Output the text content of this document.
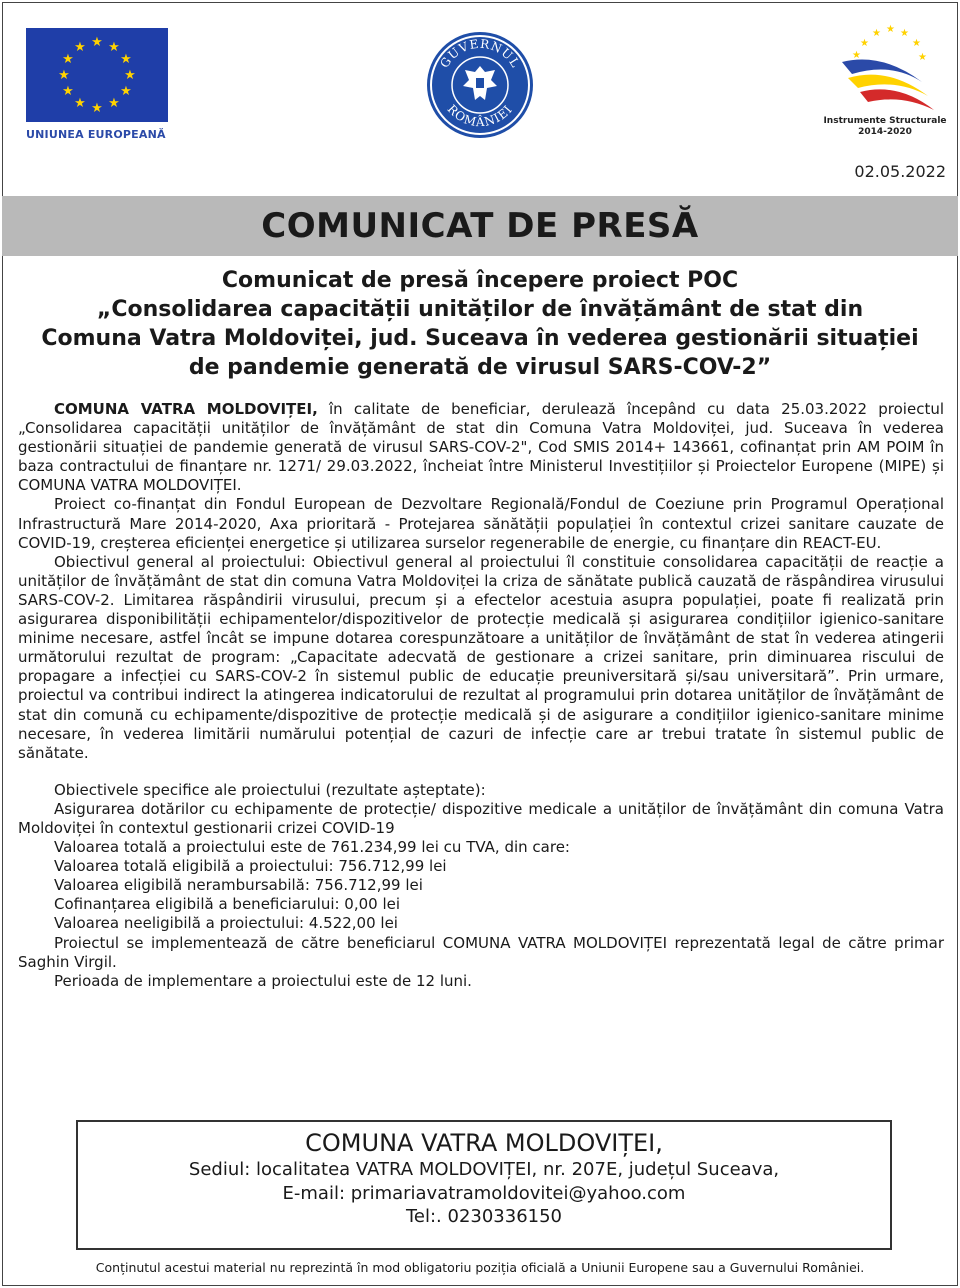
★ ★
★
★
★
★
★
★
★
★
★
★
UNIUNEA EUROPEANĂ
GUVERNUL
ROMÂNIEI
★ ★ ★
★	★
★	★
Instrumente Structurale
2014-2020
02.05.2022
COMUNICAT DE PRESĂ
Comunicat de presă începere proiect POC
„Consolidarea capacității unităților de învățământ de stat din
Comuna Vatra Moldoviței, jud. Suceava în vederea gestionării situației
de pandemie generată de virusul SARS-COV-2”

COMUNA VATRA MOLDOVIȚEI, în calitate de beneficiar, derulează începând cu data 25.03.2022 proiectul „Consolidarea capacității unităților de învățământ de stat din Comuna Vatra Moldoviței, jud. Suceava în vederea gestionării situației de pandemie generată de virusul SARS-COV-2", Cod SMIS 2014+ 143661, cofinanțat prin AM POIM în baza contractului de finanțare nr. 1271/ 29.03.2022, încheiat între Ministerul Investițiilor și Proiectelor Europene (MIPE) și COMUNA VATRA MOLDOVIȚEI.

Proiect co-finanțat din Fondul European de Dezvoltare Regională/Fondul de Coeziune prin Programul Operațional Infrastructură Mare 2014-2020, Axa prioritară - Protejarea sănătății populației în contextul crizei sanitare cauzate de COVID-19, creșterea eficienței energetice și utilizarea surselor regenerabile de energie, cu finanțare din REACT-EU.

Obiectivul general al proiectului: Obiectivul general al proiectului îl constituie consolidarea capacității de reacție a unităților de învățământ de stat din comuna Vatra Moldoviței la criza de sănătate publică cauzată de răspândirea virusului SARS-COV-2. Limitarea răspândirii virusului, precum și a efectelor acestuia asupra populației, poate fi realizată prin asigurarea disponibilității echipamentelor/dispozitivelor de protecție medicală și asigurarea condițiilor igienico-sanitare minime necesare, astfel încât se impune dotarea corespunzătoare a unităților de învățământ de stat în vederea atingerii următorului rezultat de program: „Capacitate adecvată de gestionare a crizei sanitare, prin diminuarea riscului de propagare a infecției cu SARS-COV-2 în sistemul public de educație preuniversitară și/sau universitară”. Prin urmare, proiectul va contribui indirect la atingerea indicatorului de rezultat al programului prin dotarea unităților de învățământ de stat din comună cu echipamente/dispozitive de protecție medicală și de asigurare a condițiilor igienico-sanitare minime necesare, în vederea limitării numărului potențial de cazuri de infecție care ar trebui tratate în sistemul public de sănătate.

Obiectivele specifice ale proiectului (rezultate așteptate):

Asigurarea dotărilor cu echipamente de protecție/ dispozitive medicale a unităților de învățământ din comuna Vatra Moldoviței în contextul gestionarii crizei COVID-19

Valoarea totală a proiectului este de 761.234,99 lei cu TVA, din care:

Valoarea totală eligibilă a proiectului: 756.712,99 lei

Valoarea eligibilă nerambursabilă: 756.712,99 lei

Cofinanțarea eligibilă a beneficiarului: 0,00 lei

Valoarea neeligibilă a proiectului: 4.522,00 lei

Proiectul se implementează de către beneficiarul COMUNA VATRA MOLDOVIȚEI reprezentată legal de către primar Saghin Virgil.

Perioada de implementare a proiectului este de 12 luni.

COMUNA VATRA MOLDOVIȚEI,
Sediul: localitatea VATRA MOLDOVIȚEI, nr. 207E, județul Suceava,
E-mail: primariavatramoldovitei@yahoo.com
Tel:. 0230336150
Conținutul acestui material nu reprezintă în mod obligatoriu poziția oficială a Uniunii Europene sau a Guvernului României.
